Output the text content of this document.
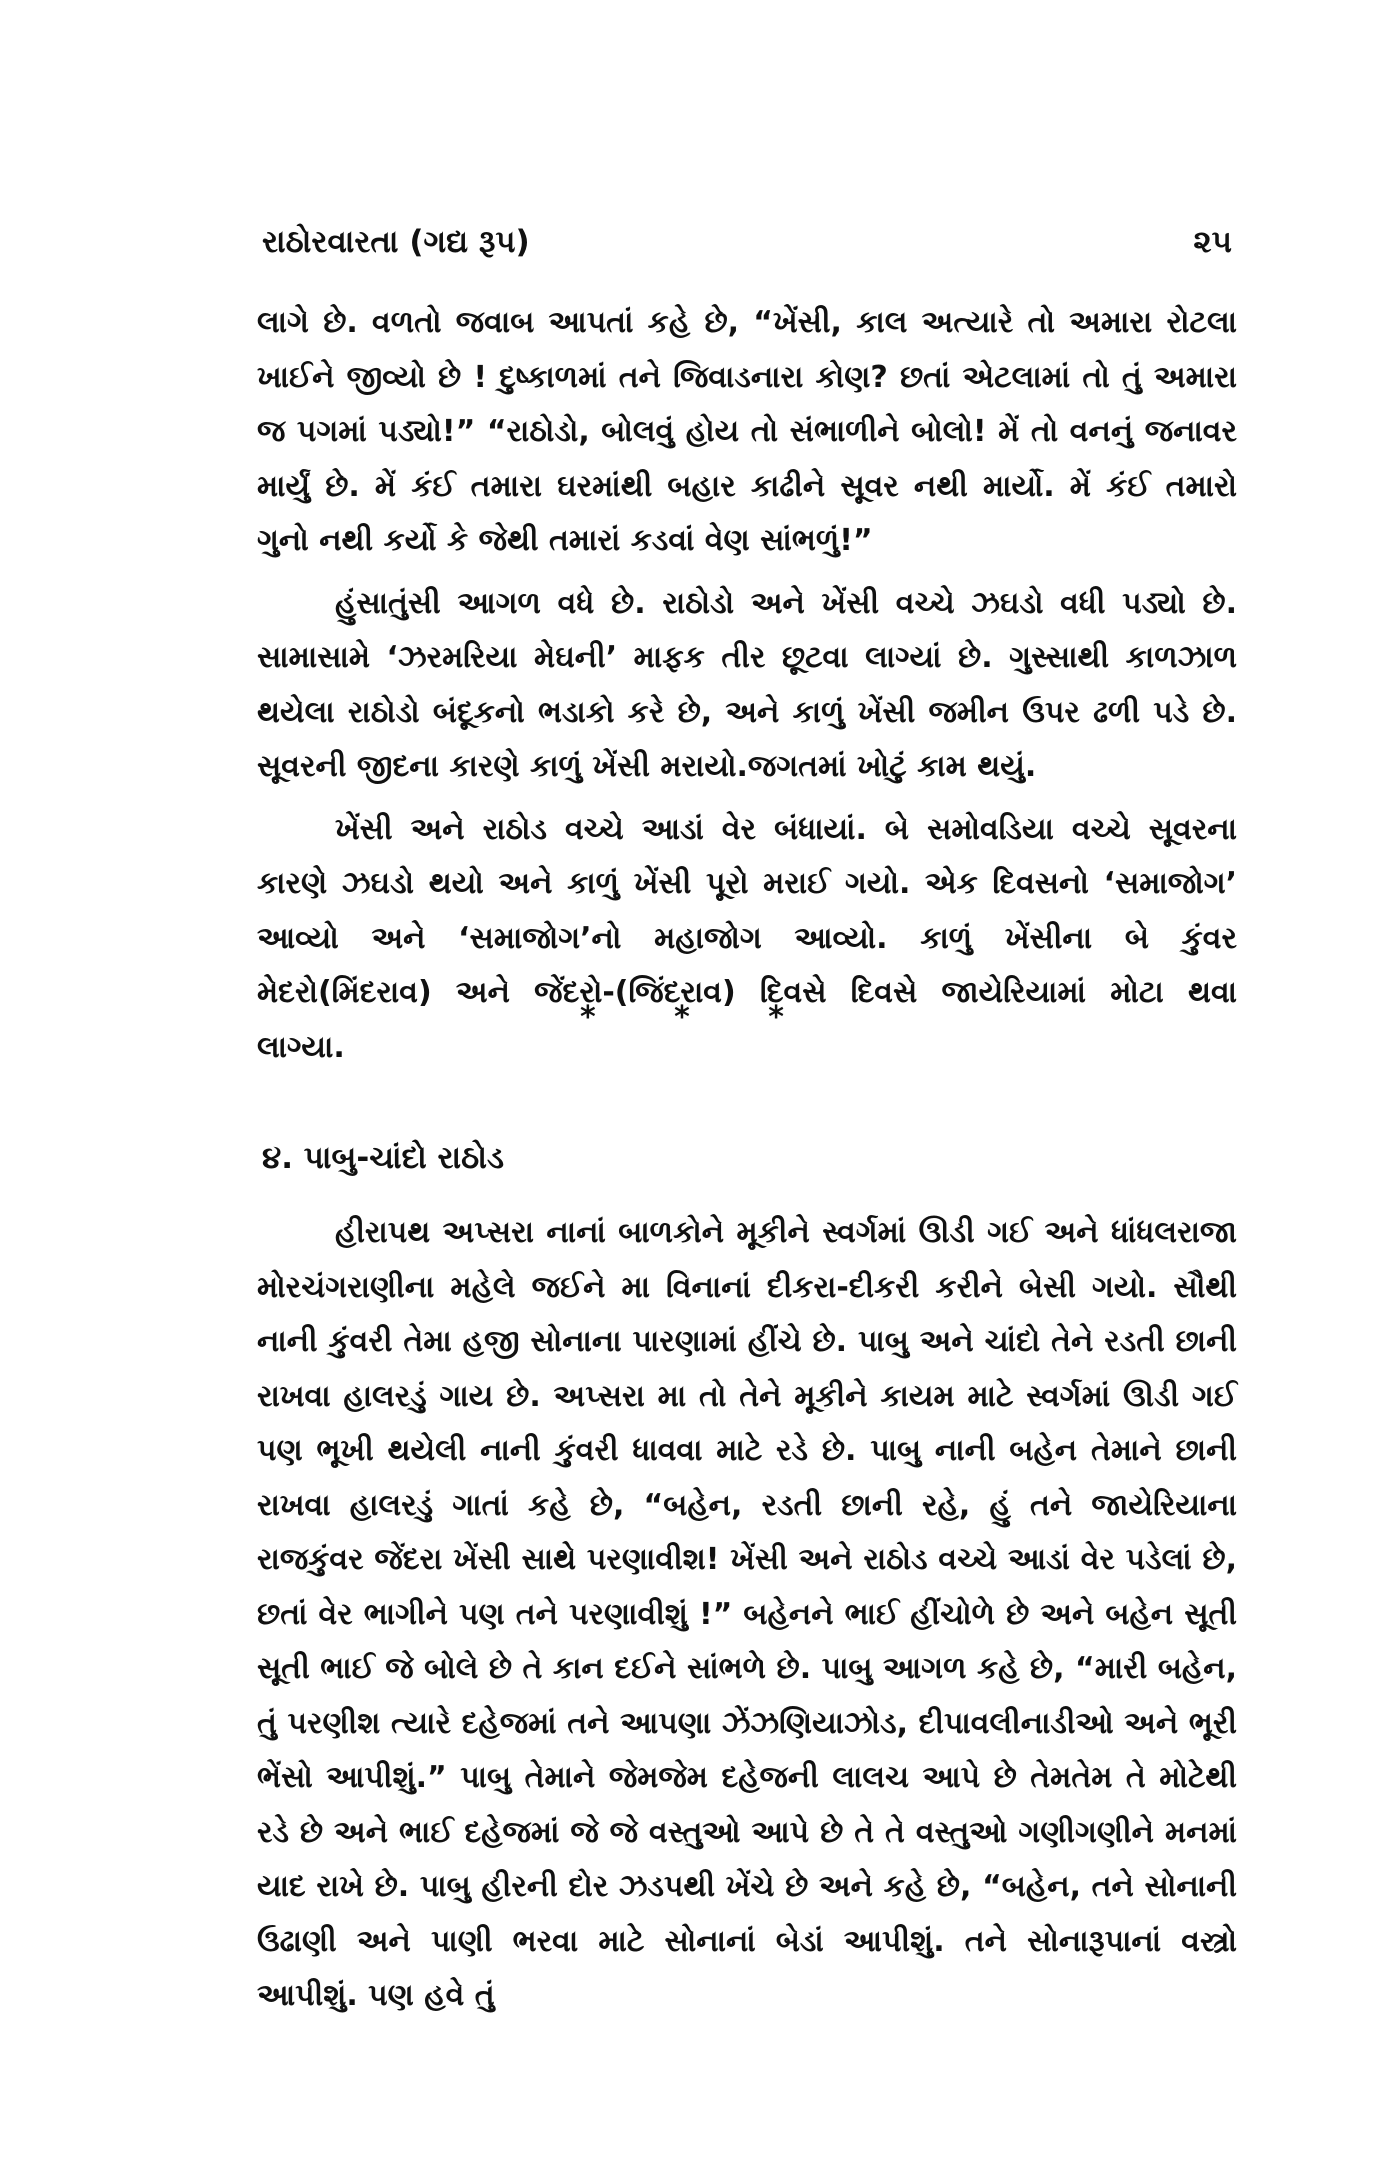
રાઠોરવારતા (ગદ્ય રૂપ)	૨૫

લાગે છે. વળતો જવાબ આપતાં કહે છે, “ખેંસી, કાલ અત્યારે તો અમારા રોટલા ખાઈને જીવ્યો છે ! દુષ્કાળમાં તને જિવાડનારા કોણ? છતાં એટલામાં તો તું અમારા જ પગમાં પડ્યો!” “રાઠોડો, બોલવું હોય તો સંભાળીને બોલો! મેં તો વનનું જનાવર માર્યું છે. મેં કંઈ તમારા ઘરમાંથી બહાર કાઢીને સૂવર નથી માર્યો. મેં કંઈ તમારો ગુનો નથી કર્યો કે જેથી તમારાં કડવાં વેણ સાંભળું!”

હુંસાતુંસી આગળ વધે છે. રાઠોડો અને ખેંસી વચ્ચે ઝઘડો વધી પડ્યો છે. સામાસામે ‘ઝરમરિયા મેઘની’ માફક તીર છૂટવા લાગ્યાં છે. ગુસ્સાથી કાળઝાળ થયેલા રાઠોડો બંદૂકનો ભડાકો કરે છે, અને કાળું ખેંસી જમીન ઉપર ઢળી પડે છે. સૂવરની જીદના કારણે કાળું ખેંસી મરાયો.જગતમાં ખોટું કામ થયું.

ખેંસી અને રાઠોડ વચ્ચે આડાં વેર બંધાયાં. બે સમોવડિયા વચ્ચે સૂવરના કારણે ઝઘડો થયો અને કાળું ખેંસી પૂરો મરાઈ ગયો. એક દિવસનો ‘સમાજોગ’ આવ્યો અને ‘સમાજોગ’નો મહાજોગ આવ્યો. કાળું ખેંસીના બે કુંવર મેદરો(મિંદરાવ) અને જેંદરો-(જિંદરાવ) દિવસે દિવસે જાયેરિયામાં મોટા થવા લાગ્યા.

* * *
૪. પાબુ-ચાંદો રાઠોડ

હીરાપથ અપ્સરા નાનાં બાળકોને મૂકીને સ્વર્ગમાં ઊડી ગઈ અને ધાંધલરાજા મોરચંગરાણીના મહેલે જઈને મા વિનાનાં દીકરા-દીકરી કરીને બેસી ગયો. સૌથી નાની કુંવરી તેમા હજી સોનાના પારણામાં હીંચે છે. પાબુ અને ચાંદો તેને રડતી છાની રાખવા હાલરડું ગાય છે. અપ્સરા મા તો તેને મૂકીને કાયમ માટે સ્વર્ગમાં ઊડી ગઈ પણ ભૂખી થયેલી નાની કુંવરી ધાવવા માટે રડે છે. પાબુ નાની બહેન તેમાને છાની રાખવા હાલરડું ગાતાં કહે છે, “બહેન, રડતી છાની રહે, હું તને જાયેરિયાના રાજકુંવર જેંદરા ખેંસી સાથે પરણાવીશ! ખેંસી અને રાઠોડ વચ્ચે આડાં વેર પડેલાં છે, છતાં વેર ભાગીને પણ તને પરણાવીશું !” બહેનને ભાઈ હીંચોળે છે અને બહેન સૂતી સૂતી ભાઈ જે બોલે છે તે કાન દઈને સાંભળે છે. પાબુ આગળ કહે છે, “મારી બહેન, તું પરણીશ ત્યારે દહેજમાં તને આપણા ઝેંઝણિયાઝોડ, દીપાવલીનાડીઓ અને ભૂરી ભેંસો આપીશું.” પાબુ તેમાને જેમજેમ દહેજની લાલચ આપે છે તેમતેમ તે મોટેથી રડે છે અને ભાઈ દહેજમાં જે જે વસ્તુઓ આપે છે તે તે વસ્તુઓ ગણીગણીને મનમાં યાદ રાખે છે. પાબુ હીરની દોર ઝડપથી ખેંચે છે અને કહે છે, “બહેન, તને સોનાની ઉઢાણી અને પાણી ભરવા માટે સોનાનાં બેડાં આપીશું. તને સોનારૂપાનાં વસ્ત્રો આપીશું. પણ હવે તું
